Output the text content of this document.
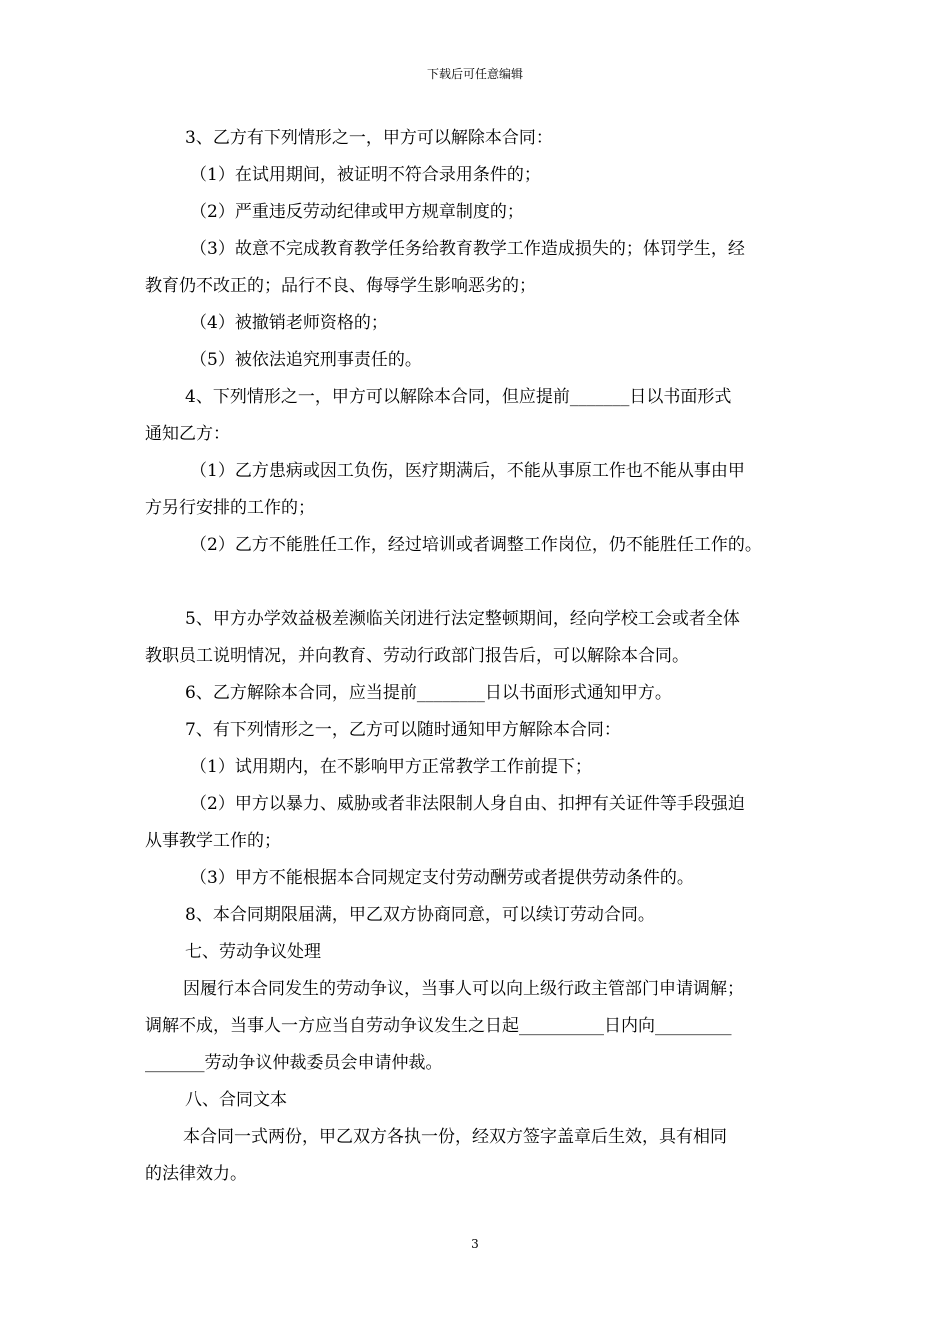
下载后可任意编辑
3、乙方有下列情形之一，甲方可以解除本合同：
（1）在试用期间，被证明不符合录用条件的；
（2）严重违反劳动纪律或甲方规章制度的；
（3）故意不完成教育教学任务给教育教学工作造成损失的；体罚学生，经
教育仍不改正的；品行不良、侮辱学生影响恶劣的；
（4）被撤销老师资格的；
（5）被依法追究刑事责任的。
4、下列情形之一，甲方可以解除本合同，但应提前_______日以书面形式
通知乙方：
（1）乙方患病或因工负伤，医疗期满后，不能从事原工作也不能从事由甲
方另行安排的工作的；
（2）乙方不能胜任工作，经过培训或者调整工作岗位，仍不能胜任工作的。
5、甲方办学效益极差濒临关闭进行法定整顿期间，经向学校工会或者全体
教职员工说明情况，并向教育、劳动行政部门报告后，可以解除本合同。
6、乙方解除本合同，应当提前________日以书面形式通知甲方。
7、有下列情形之一，乙方可以随时通知甲方解除本合同：
（1）试用期内，在不影响甲方正常教学工作前提下；
（2）甲方以暴力、威胁或者非法限制人身自由、扣押有关证件等手段强迫
从事教学工作的；
（3）甲方不能根据本合同规定支付劳动酬劳或者提供劳动条件的。
8、本合同期限届满，甲乙双方协商同意，可以续订劳动合同。
七、劳动争议处理
因履行本合同发生的劳动争议，当事人可以向上级行政主管部门申请调解；
调解不成，当事人一方应当自劳动争议发生之日起__________日内向_________
_______劳动争议仲裁委员会申请仲裁。
八、合同文本
本合同一式两份，甲乙双方各执一份，经双方签字盖章后生效，具有相同
的法律效力。
3
